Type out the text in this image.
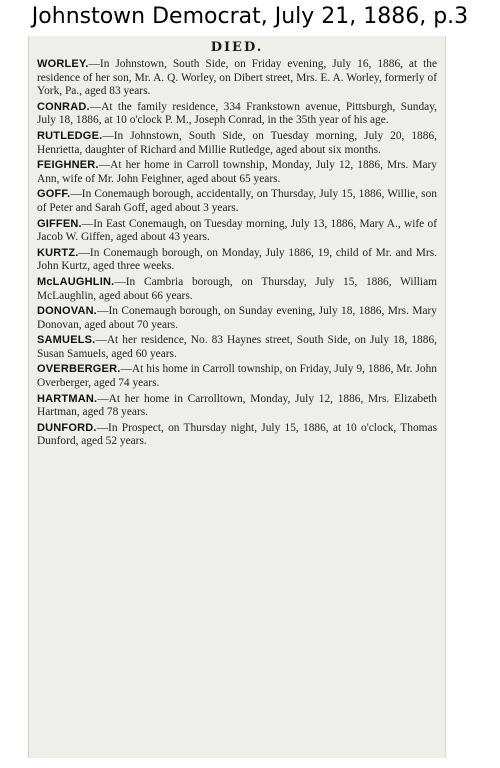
Johnstown Democrat, July 21, 1886, p.3
DIED.
WORLEY.—In Johnstown, South Side, on Friday evening, July 16, 1886, at the residence of her son, Mr. A. Q. Worley, on Dibert street, Mrs. E. A. Worley, formerly of York, Pa., aged 83 years.
CONRAD.—At the family residence, 334 Frankstown avenue, Pittsburgh, Sunday, July 18, 1886, at 10 o'clock P. M., Joseph Conrad, in the 35th year of his age.
RUTLEDGE.—In Johnstown, South Side, on Tuesday morning, July 20, 1886, Henrietta, daughter of Richard and Millie Rutledge, aged about six months.
FEIGHNER.—At her home in Carroll township, Monday, July 12, 1886, Mrs. Mary Ann, wife of Mr. John Feighner, aged about 65 years.
GOFF.—In Conemaugh borough, accidentally, on Thursday, July 15, 1886, Willie, son of Peter and Sarah Goff, aged about 3 years.
GIFFEN.—In East Conemaugh, on Tuesday morning, July 13, 1886, Mary A., wife of Jacob W. Giffen, aged about 43 years.
KURTZ.—In Conemaugh borough, on Monday, July 1886, 19, child of Mr. and Mrs. John Kurtz, aged three weeks.
McLAUGHLIN.—In Cambria borough, on Thursday, July 15, 1886, William McLaughlin, aged about 66 years.
DONOVAN.—In Conemaugh borough, on Sunday evening, July 18, 1886, Mrs. Mary Donovan, aged about 70 years.
SAMUELS.—At her residence, No. 83 Haynes street, South Side, on July 18, 1886, Susan Samuels, aged 60 years.
OVERBERGER.—At his home in Carroll township, on Friday, July 9, 1886, Mr. John Overberger, aged 74 years.
HARTMAN.—At her home in Carrolltown, Monday, July 12, 1886, Mrs. Elizabeth Hartman, aged 78 years.
DUNFORD.—In Prospect, on Thursday night, July 15, 1886, at 10 o'clock, Thomas Dunford, aged 52 years.
